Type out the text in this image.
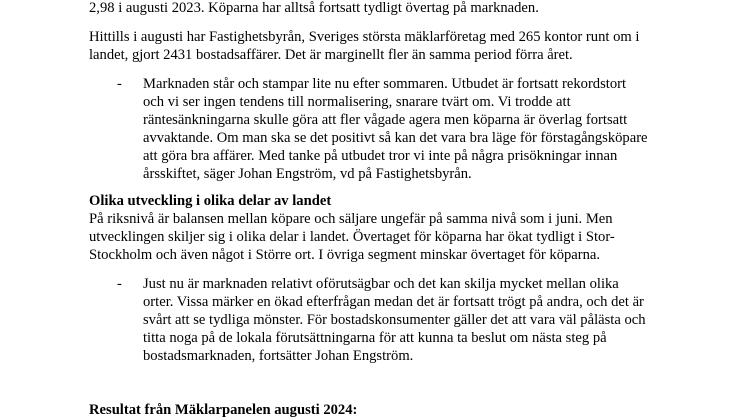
2,98 i augusti 2023. Köparna har alltså fortsatt tydligt övertag på marknaden.

Hittills i augusti har Fastighetsbyrån, Sveriges största mäklarföretag med 265 kontor runt om i

landet, gjort 2431 bostadsaffärer. Det är marginellt fler än samma period förra året.

- Marknaden står och stampar lite nu efter sommaren. Utbudet är fortsatt rekordstort

och vi ser ingen tendens till normalisering, snarare tvärt om. Vi trodde att

räntesänkningarna skulle göra att fler vågade agera men köparna är överlag fortsatt

avvaktande. Om man ska se det positivt så kan det vara bra läge för förstagångsköpare

att göra bra affärer. Med tanke på utbudet tror vi inte på några prisökningar innan

årsskiftet, säger Johan Engström, vd på Fastighetsbyrån.

Olika utveckling i olika delar av landet

På riksnivå är balansen mellan köpare och säljare ungefär på samma nivå som i juni. Men

utvecklingen skiljer sig i olika delar i landet. Övertaget för köparna har ökat tydligt i Stor-

Stockholm och även något i Större ort. I övriga segment minskar övertaget för köparna.

- Just nu är marknaden relativt oförutsägbar och det kan skilja mycket mellan olika

orter. Vissa märker en ökad efterfrågan medan det är fortsatt trögt på andra, och det är

svårt att se tydliga mönster. För bostadskonsumenter gäller det att vara väl pålästa och

titta noga på de lokala förutsättningarna för att kunna ta beslut om nästa steg på

bostadsmarknaden, fortsätter Johan Engström.

Resultat från Mäklarpanelen augusti 2024:
